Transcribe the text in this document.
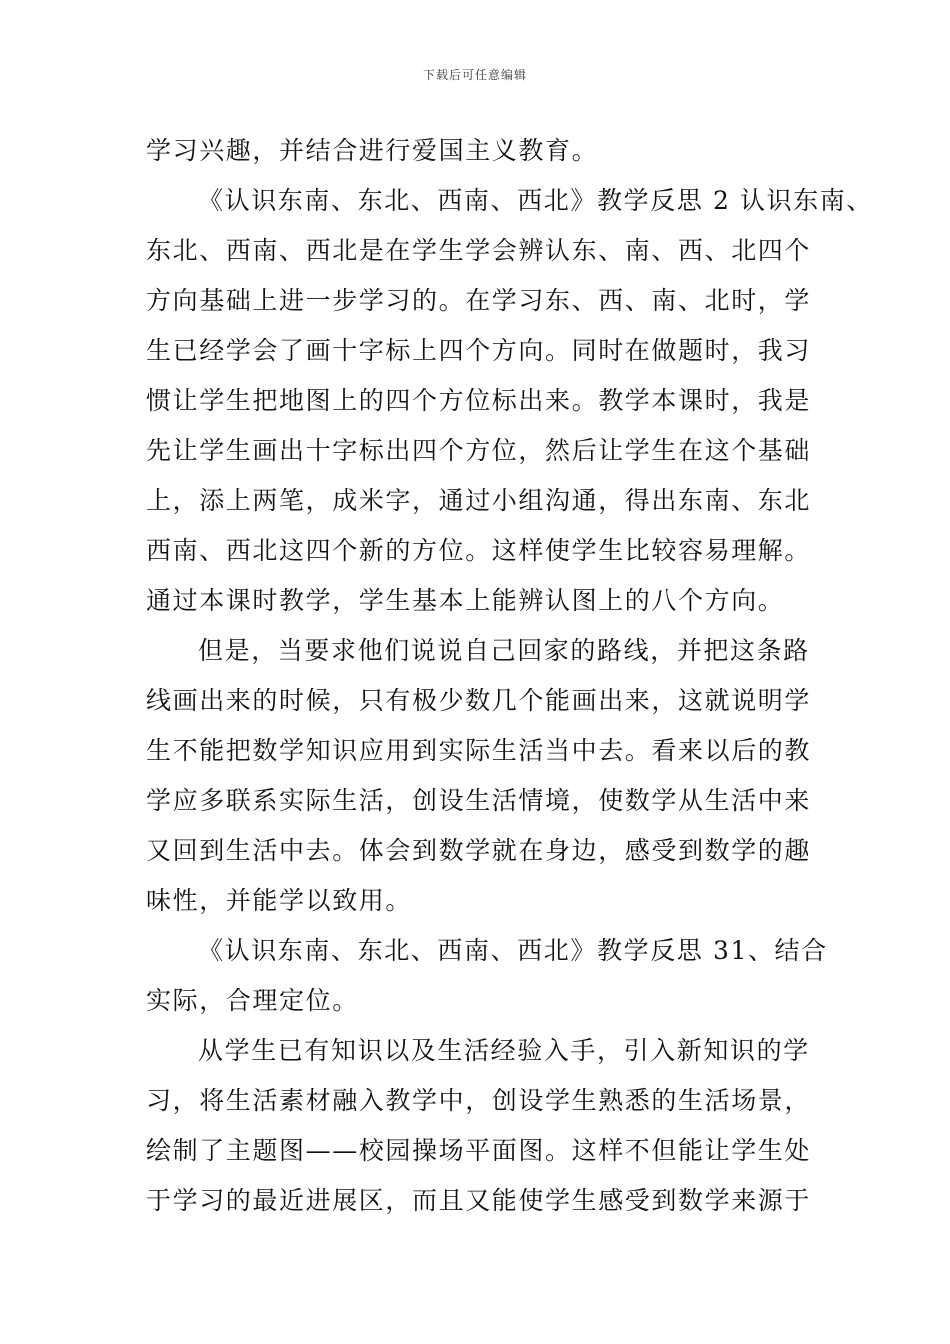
下载后可任意编辑
学习兴趣，并结合进行爱国主义教育。
《认识东南、东北、西南、西北》教学反思 2 认识东南、
东北、西南、西北是在学生学会辨认东、南、西、北四个
方向基础上进一步学习的。在学习东、西、南、北时，学
生已经学会了画十字标上四个方向。同时在做题时，我习
惯让学生把地图上的四个方位标出来。教学本课时，我是
先让学生画出十字标出四个方位，然后让学生在这个基础
上，添上两笔，成米字，通过小组沟通，得出东南、东北
西南、西北这四个新的方位。这样使学生比较容易理解。
通过本课时教学，学生基本上能辨认图上的八个方向。
但是，当要求他们说说自己回家的路线，并把这条路
线画出来的时候，只有极少数几个能画出来，这就说明学
生不能把数学知识应用到实际生活当中去。看来以后的教
学应多联系实际生活，创设生活情境，使数学从生活中来
又回到生活中去。体会到数学就在身边，感受到数学的趣
味性，并能学以致用。
《认识东南、东北、西南、西北》教学反思 31、结合
实际，合理定位。
从学生已有知识以及生活经验入手，引入新知识的学
习，将生活素材融入教学中，创设学生熟悉的生活场景，
绘制了主题图——校园操场平面图。这样不但能让学生处
于学习的最近进展区，而且又能使学生感受到数学来源于
